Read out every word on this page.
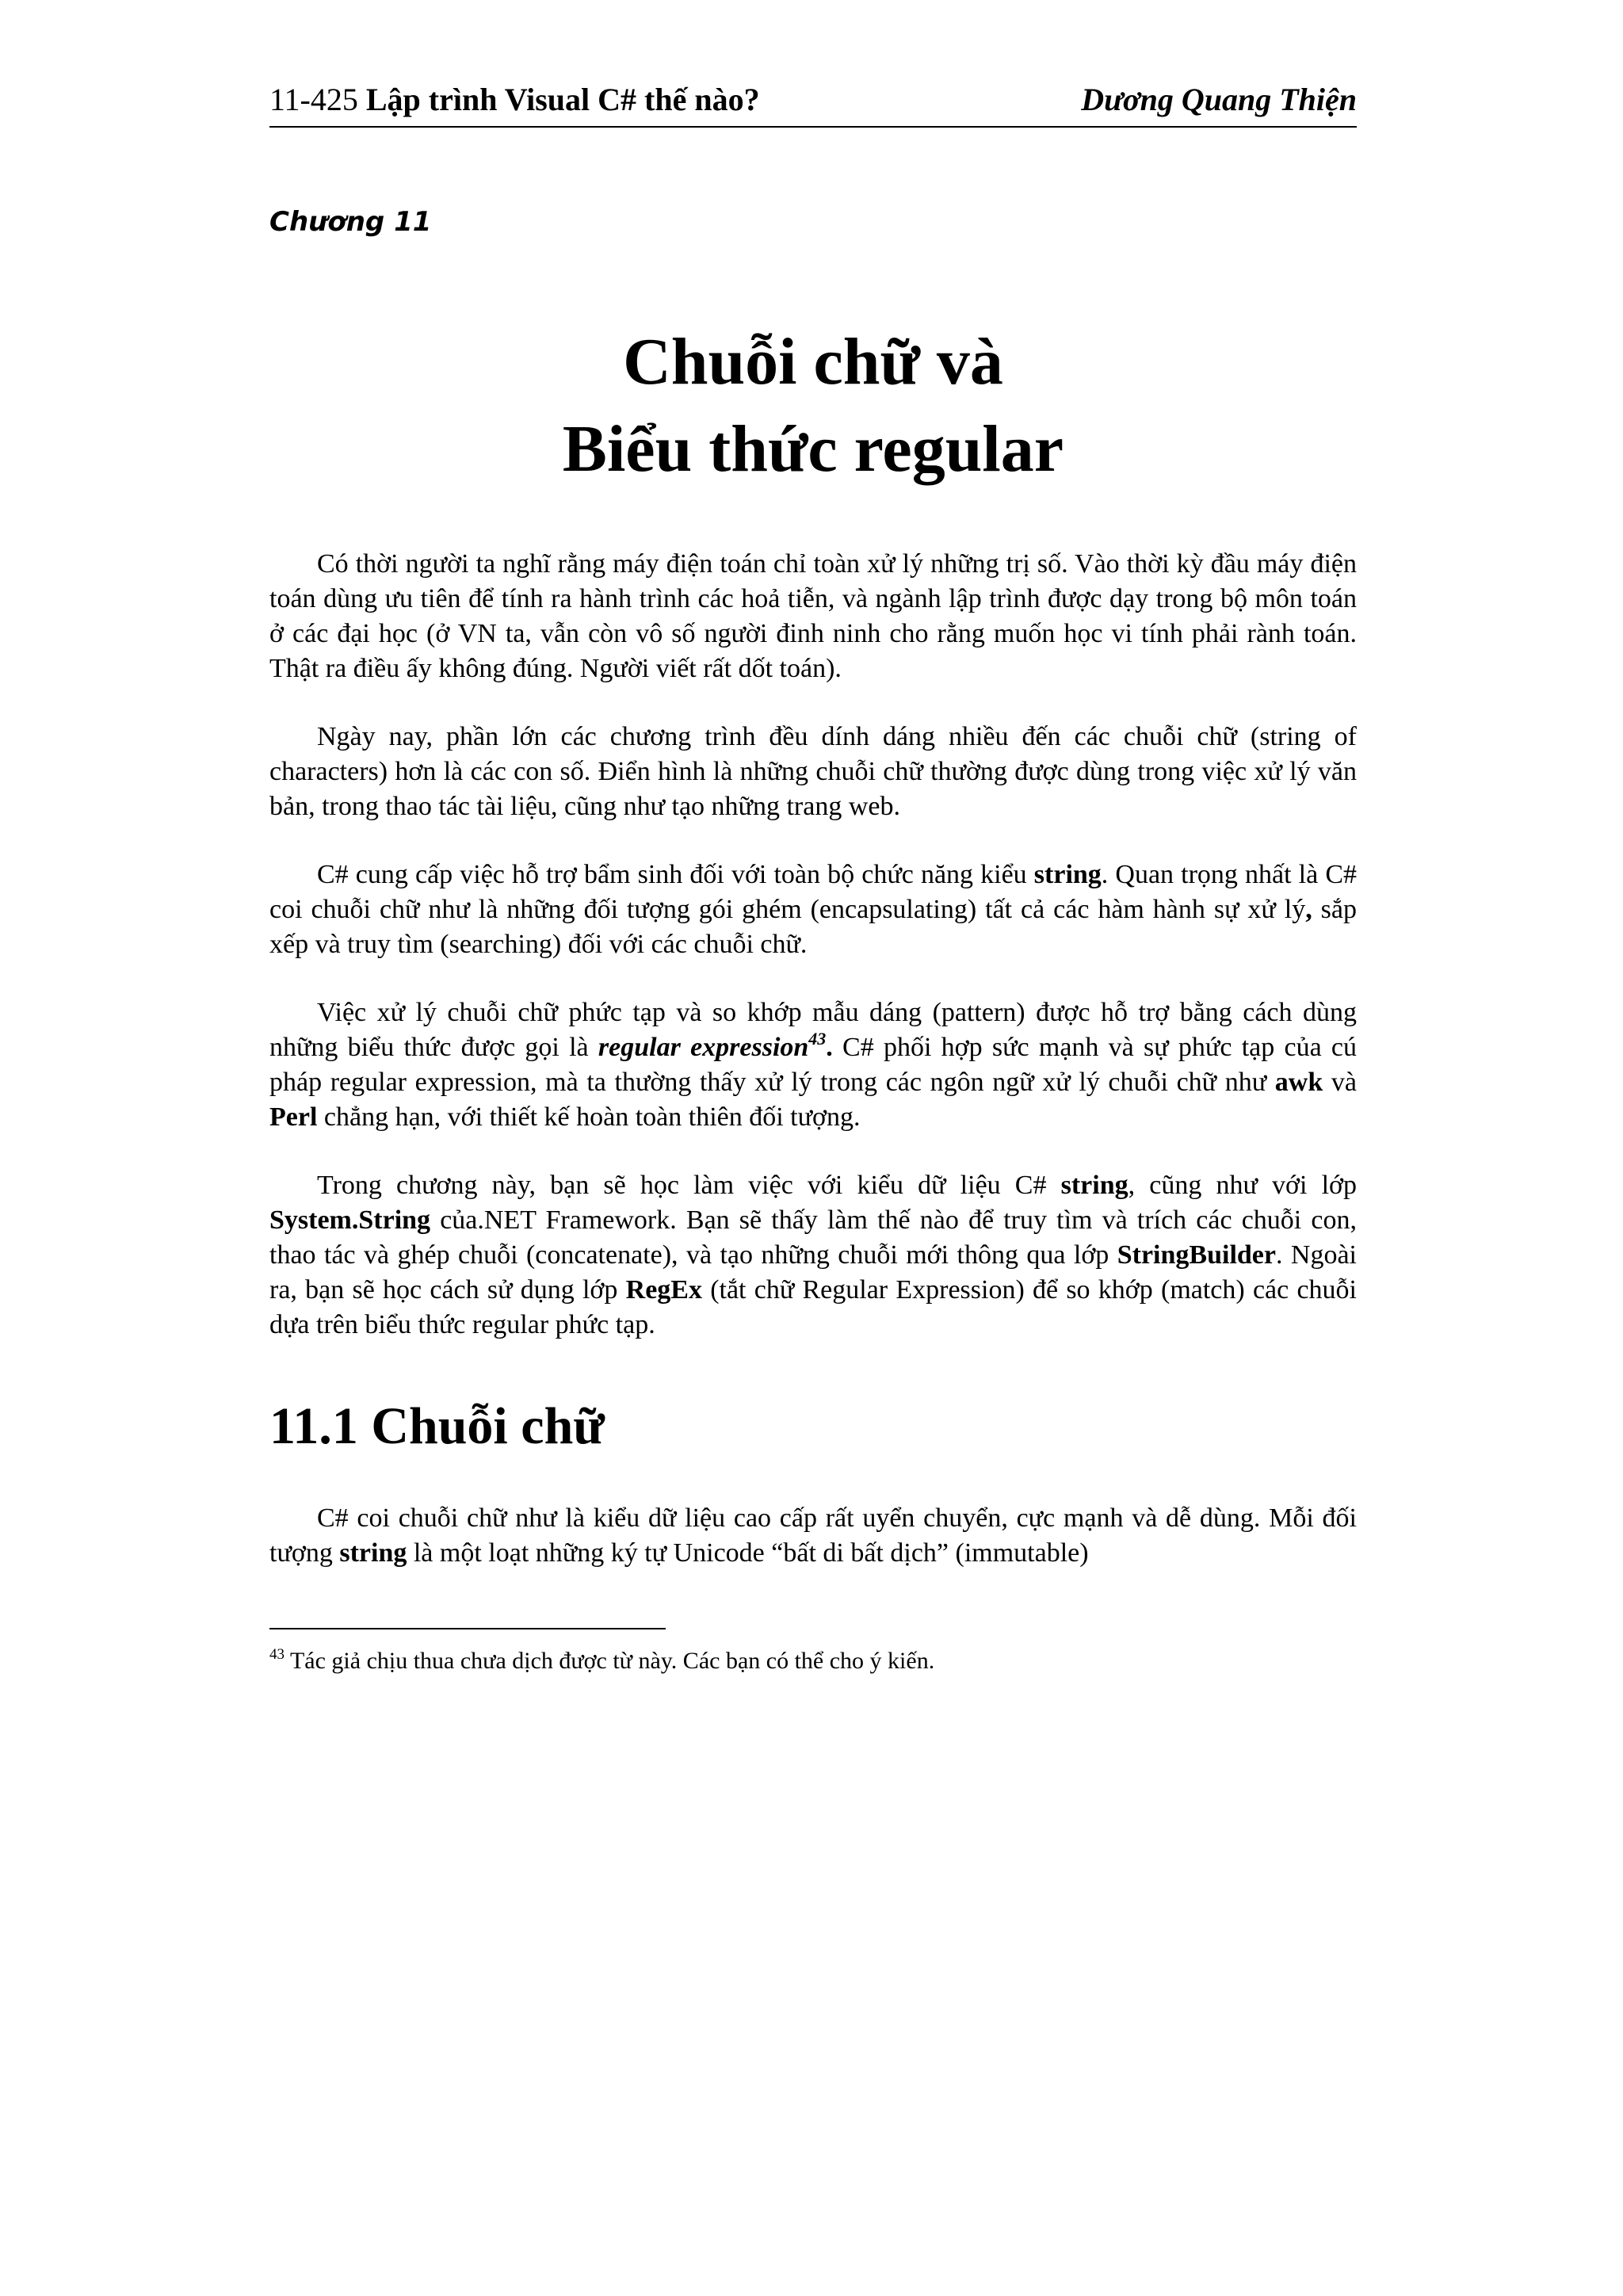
11-425 Lập trình Visual C# thế nào?	Dương Quang Thiện
Chương 11
Chuỗi chữ và
Biểu thức regular

Có thời người ta nghĩ rằng máy điện toán chỉ toàn xử lý những trị số. Vào thời kỳ đầu máy điện toán dùng ưu tiên để tính ra hành trình các hoả tiễn, và ngành lập trình được dạy trong bộ môn toán ở các đại học (ở VN ta, vẫn còn vô số người đinh ninh cho rằng muốn học vi tính phải rành toán. Thật ra điều ấy không đúng. Người viết rất dốt toán).

Ngày nay, phần lớn các chương trình đều dính dáng nhiều đến các chuỗi chữ (string of characters) hơn là các con số. Điển hình là những chuỗi chữ thường được dùng trong việc xử lý văn bản, trong thao tác tài liệu, cũng như tạo những trang web.

C# cung cấp việc hỗ trợ bẩm sinh đối với toàn bộ chức năng kiểu string. Quan trọng nhất là C# coi chuỗi chữ như là những đối tượng gói ghém (encapsulating) tất cả các hàm hành sự xử lý, sắp xếp và truy tìm (searching) đối với các chuỗi chữ.

Việc xử lý chuỗi chữ phức tạp và so khớp mẫu dáng (pattern) được hỗ trợ bằng cách dùng những biểu thức được gọi là regular expression$^{43}$. C# phối hợp sức mạnh và sự phức tạp của cú pháp regular expression, mà ta thường thấy xử lý trong các ngôn ngữ xử lý chuỗi chữ như awk và Perl chẳng hạn, với thiết kế hoàn toàn thiên đối tượng.

Trong chương này, bạn sẽ học làm việc với kiểu dữ liệu C# string, cũng như với lớp System.String của.NET Framework. Bạn sẽ thấy làm thế nào để truy tìm và trích các chuỗi con, thao tác và ghép chuỗi (concatenate), và tạo những chuỗi mới thông qua lớp StringBuilder. Ngoài ra, bạn sẽ học cách sử dụng lớp RegEx (tắt chữ Regular Expression) để so khớp (match) các chuỗi dựa trên biểu thức regular phức tạp.

11.1 Chuỗi chữ

C# coi chuỗi chữ như là kiểu dữ liệu cao cấp rất uyển chuyển, cực mạnh và dễ dùng. Mỗi đối tượng string là một loạt những ký tự Unicode “bất di bất dịch” (immutable)

$^{43}$ Tác giả chịu thua chưa dịch được từ này. Các bạn có thể cho ý kiến.
